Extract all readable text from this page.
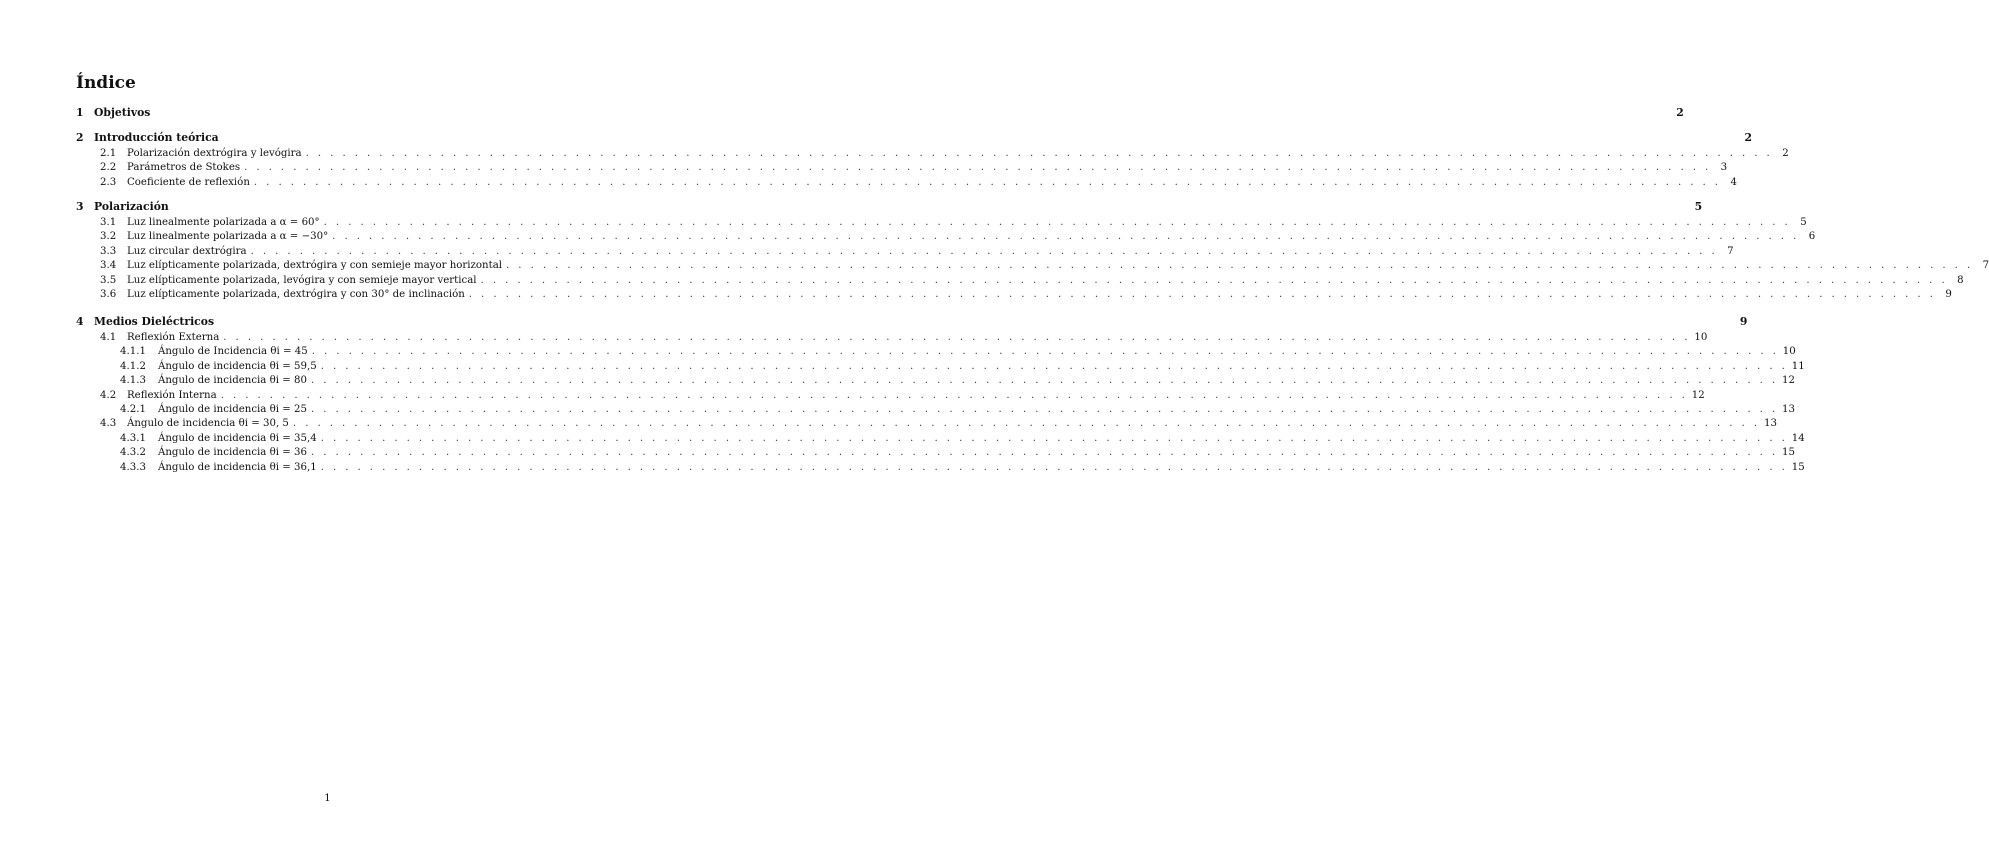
Índice
1 Objetivos	2
2 Introducción teórica	2
2.1	Polarización dextrógira y levógira . . . . . . . . . . . . . . . . . . . . . . . . . . . . . . . . . . . . . . . . . . . . . . . . . . . . . . . . . . . . . . . . . . . . . . . . . . . . . . . . . . . . . . . . . . . . . . . . . . . . . . . . . . . . . . . . . . . . . . . . 2
2.2	Parámetros de Stokes . . . . . . . . . . . . . . . . . . . . . . . . . . . . . . . . . . . . . . . . . . . . . . . . . . . . . . . . . . . . . . . . . . . . . . . . . . . . . . . . . . . . . . . . . . . . . . . . . . . . . . . . . . . . . . . . . . . . . . . . 3
2.3	Coeficiente de reflexión . . . . . . . . . . . . . . . . . . . . . . . . . . . . . . . . . . . . . . . . . . . . . . . . . . . . . . . . . . . . . . . . . . . . . . . . . . . . . . . . . . . . . . . . . . . . . . . . . . . . . . . . . . . . . . . . . . . . . . . . 4
3 Polarización	5
3.1	Luz linealmente polarizada a α = 60° . . . . . . . . . . . . . . . . . . . . . . . . . . . . . . . . . . . . . . . . . . . . . . . . . . . . . . . . . . . . . . . . . . . . . . . . . . . . . . . . . . . . . . . . . . . . . . . . . . . . . . . . . . . . . . . . . . . . . . . . 5
3.2	Luz linealmente polarizada a α = −30° . . . . . . . . . . . . . . . . . . . . . . . . . . . . . . . . . . . . . . . . . . . . . . . . . . . . . . . . . . . . . . . . . . . . . . . . . . . . . . . . . . . . . . . . . . . . . . . . . . . . . . . . . . . . . . . . . . . . . . . . 6
3.3	Luz circular dextrógira . . . . . . . . . . . . . . . . . . . . . . . . . . . . . . . . . . . . . . . . . . . . . . . . . . . . . . . . . . . . . . . . . . . . . . . . . . . . . . . . . . . . . . . . . . . . . . . . . . . . . . . . . . . . . . . . . . . . . . . . 7
3.4	Luz elípticamente polarizada, dextrógira y con semieje mayor horizontal . . . . . . . . . . . . . . . . . . . . . . . . . . . . . . . . . . . . . . . . . . . . . . . . . . . . . . . . . . . . . . . . . . . . . . . . . . . . . . . . . . . . . . . . . . . . . . . . . . . . . . . . . . . . . . . . . . . . . . . . 7
3.5	Luz elípticamente polarizada, levógira y con semieje mayor vertical . . . . . . . . . . . . . . . . . . . . . . . . . . . . . . . . . . . . . . . . . . . . . . . . . . . . . . . . . . . . . . . . . . . . . . . . . . . . . . . . . . . . . . . . . . . . . . . . . . . . . . . . . . . . . . . . . . . . . . . . 8
3.6	Luz elípticamente polarizada, dextrógira y con 30° de inclinación . . . . . . . . . . . . . . . . . . . . . . . . . . . . . . . . . . . . . . . . . . . . . . . . . . . . . . . . . . . . . . . . . . . . . . . . . . . . . . . . . . . . . . . . . . . . . . . . . . . . . . . . . . . . . . . . . . . . . . . . 9
4 Medios Dieléctricos	9
4.1	Reflexión Externa . . . . . . . . . . . . . . . . . . . . . . . . . . . . . . . . . . . . . . . . . . . . . . . . . . . . . . . . . . . . . . . . . . . . . . . . . . . . . . . . . . . . . . . . . . . . . . . . . . . . . . . . . . . . . . . . . . . . . . . . 10
4.1.1	Ángulo de Incidencia θi = 45 . . . . . . . . . . . . . . . . . . . . . . . . . . . . . . . . . . . . . . . . . . . . . . . . . . . . . . . . . . . . . . . . . . . . . . . . . . . . . . . . . . . . . . . . . . . . . . . . . . . . . . . . . . . . . . . . . . . . . . . . 10
4.1.2	Ángulo de incidencia θi = 59,5 . . . . . . . . . . . . . . . . . . . . . . . . . . . . . . . . . . . . . . . . . . . . . . . . . . . . . . . . . . . . . . . . . . . . . . . . . . . . . . . . . . . . . . . . . . . . . . . . . . . . . . . . . . . . . . . . . . . . . . . . 11
4.1.3	Ángulo de incidencia θi = 80 . . . . . . . . . . . . . . . . . . . . . . . . . . . . . . . . . . . . . . . . . . . . . . . . . . . . . . . . . . . . . . . . . . . . . . . . . . . . . . . . . . . . . . . . . . . . . . . . . . . . . . . . . . . . . . . . . . . . . . . . 12
4.2	Reflexión Interna . . . . . . . . . . . . . . . . . . . . . . . . . . . . . . . . . . . . . . . . . . . . . . . . . . . . . . . . . . . . . . . . . . . . . . . . . . . . . . . . . . . . . . . . . . . . . . . . . . . . . . . . . . . . . . . . . . . . . . . . 12
4.2.1	Ángulo de incidencia θi = 25 . . . . . . . . . . . . . . . . . . . . . . . . . . . . . . . . . . . . . . . . . . . . . . . . . . . . . . . . . . . . . . . . . . . . . . . . . . . . . . . . . . . . . . . . . . . . . . . . . . . . . . . . . . . . . . . . . . . . . . . . 13
4.3	Ángulo de incidencia θi = 30, 5 . . . . . . . . . . . . . . . . . . . . . . . . . . . . . . . . . . . . . . . . . . . . . . . . . . . . . . . . . . . . . . . . . . . . . . . . . . . . . . . . . . . . . . . . . . . . . . . . . . . . . . . . . . . . . . . . . . . . . . . . 13
4.3.1	Ángulo de incidencia θi = 35,4 . . . . . . . . . . . . . . . . . . . . . . . . . . . . . . . . . . . . . . . . . . . . . . . . . . . . . . . . . . . . . . . . . . . . . . . . . . . . . . . . . . . . . . . . . . . . . . . . . . . . . . . . . . . . . . . . . . . . . . . . 14
4.3.2	Ángulo de incidencia θi = 36 . . . . . . . . . . . . . . . . . . . . . . . . . . . . . . . . . . . . . . . . . . . . . . . . . . . . . . . . . . . . . . . . . . . . . . . . . . . . . . . . . . . . . . . . . . . . . . . . . . . . . . . . . . . . . . . . . . . . . . . . 15
4.3.3	Ángulo de incidencia θi = 36,1 . . . . . . . . . . . . . . . . . . . . . . . . . . . . . . . . . . . . . . . . . . . . . . . . . . . . . . . . . . . . . . . . . . . . . . . . . . . . . . . . . . . . . . . . . . . . . . . . . . . . . . . . . . . . . . . . . . . . . . . . 15
1
